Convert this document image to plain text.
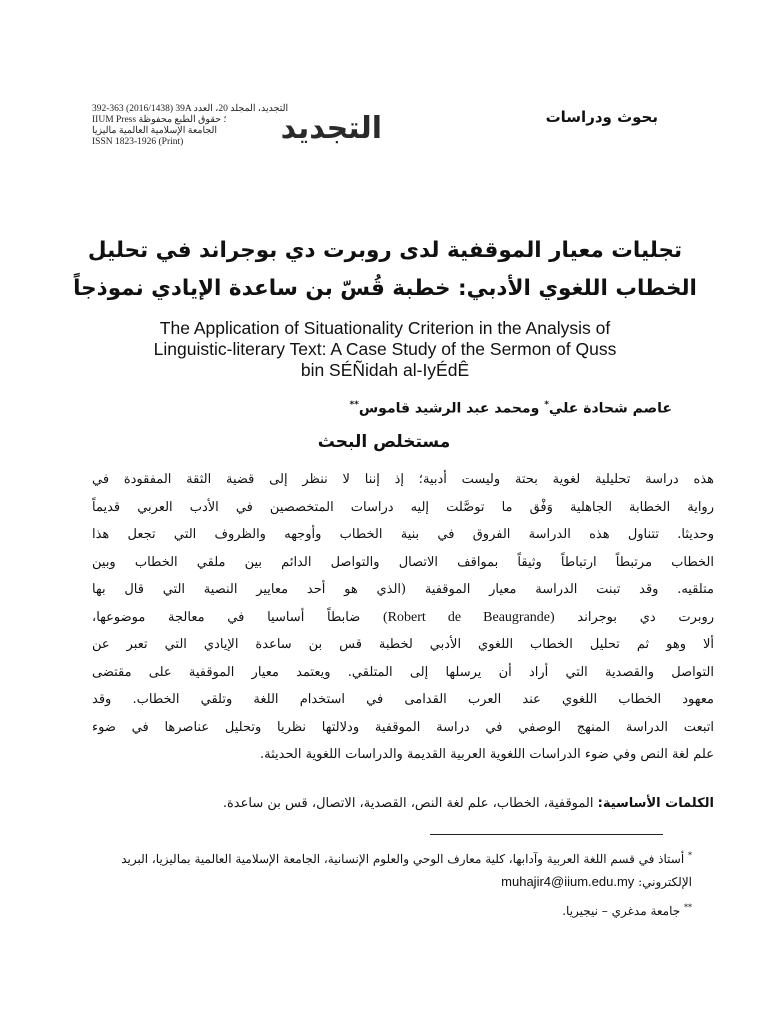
392-363 (2016/1438) 39A التجديد، المجلد 20، العدد
IIUM Press ؛ حقوق الطبع محفوظة
الجامعة الإسلامية العالمية ماليزيا
ISSN 1823-1926 (Print)	التجديد	بحوث ودراسات
تجليات معيار الموقفية لدى روبرت دي بوجراند في تحليل
الخطاب اللغوي الأدبي: خطبة قُسّ بن ساعدة الإيادي نموذجاً
The Application of Situationality Criterion in the Analysis of
Linguistic-literary Text: A Case Study of the Sermon of Quss
bin SÉÑidah al-IyÉdÊ
عاصم شحادة علي* ومحمد عبد الرشيد قاموس**
مستخلص البحث
هذه دراسة تحليلية لغوية بحتة وليست أدبية؛ إذ إننا لا ننظر إلى قضية الثقة المفقودة في
رواية الخطابة الجاهلية وَفْق ما توصَّلت إليه دراسات المتخصصين في الأدب العربي قديماً
وحديثا. تتناول هذه الدراسة الفروق في بنية الخطاب وأوجهه والظروف التي تجعل هذا
الخطاب مرتبطاً ارتباطاً وثيقاً بمواقف الاتصال والتواصل الدائم بين ملقي الخطاب وبين
متلقيه. وقد تبنت الدراسة معيار الموقفية (الذي هو أحد معايير النصية التي قال بها
روبرت دي بوجراند (Robert de Beaugrande) ضابطاً أساسيا في معالجة موضوعها،
ألا وهو ثم تحليل الخطاب اللغوي الأدبي لخطبة قس بن ساعدة الإيادي التي تعبر عن
التواصل والقصدية التي أراد أن يرسلها إلى المتلقي. ويعتمد معيار الموقفية على مقتضى
معهود الخطاب اللغوي عند العرب القدامى في استخدام اللغة وتلقي الخطاب. وقد
اتبعت الدراسة المنهج الوصفي في دراسة الموقفية ودلالتها نظريا وتحليل عناصرها في ضوء
علم لغة النص وفي ضوء الدراسات اللغوية العربية القديمة والدراسات اللغوية الحديثة.
الكلمات الأساسية: الموقفية، الخطاب، علم لغة النص، القصدية، الاتصال، قس بن ساعدة.
* أستاذ في قسم اللغة العربية وآدابها، كلية معارف الوحي والعلوم الإنسانية، الجامعة الإسلامية العالمية بماليزيا، البريد
الإلكتروني: muhajir4@iium.edu.my
** جامعة مدغري – نيجيريا.
